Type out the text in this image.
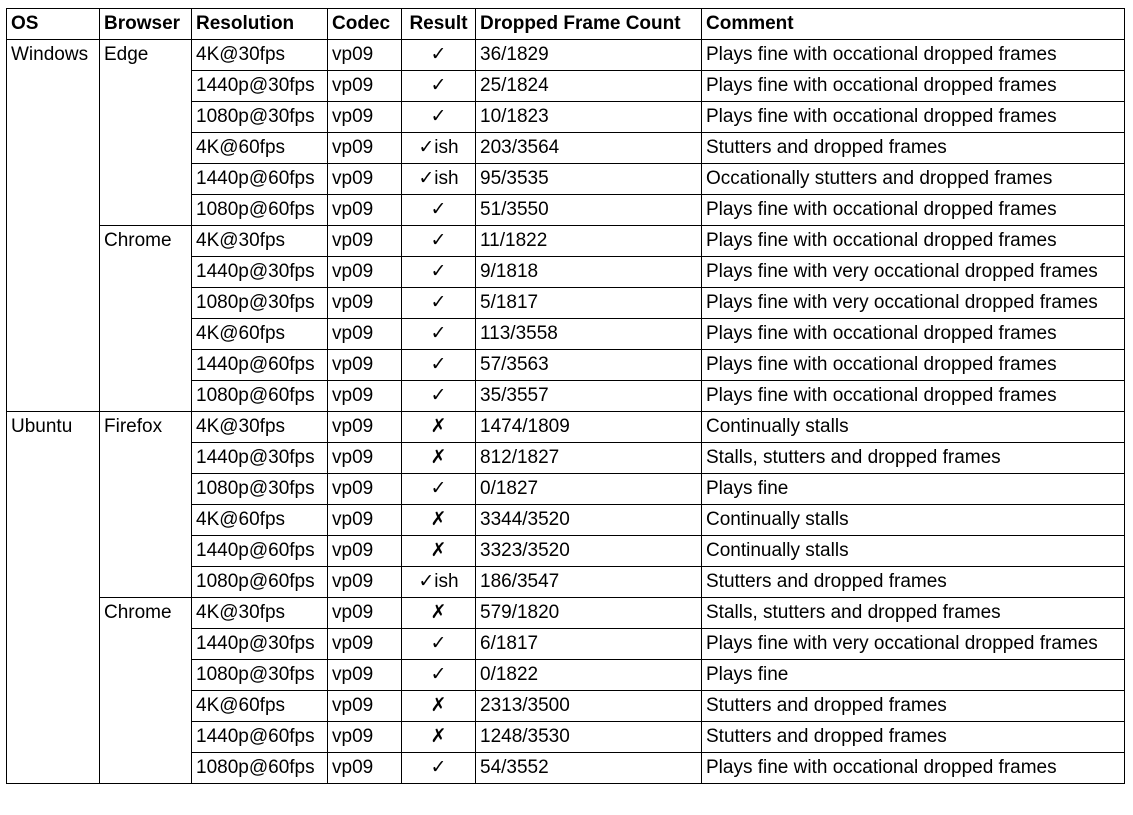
OS	Browser	Resolution	Codec	Result	Dropped Frame Count	Comment
Windows	Edge	4K@30fps	vp09	✓	36/1829	Plays fine with occational dropped frames
		1440p@30fps	vp09	✓	25/1824	Plays fine with occational dropped frames
		1080p@30fps	vp09	✓	10/1823	Plays fine with occational dropped frames
		4K@60fps	vp09	✓ish	203/3564	Stutters and dropped frames
		1440p@60fps	vp09	✓ish	95/3535	Occationally stutters and dropped frames
		1080p@60fps	vp09	✓	51/3550	Plays fine with occational dropped frames
	Chrome	4K@30fps	vp09	✓	11/1822	Plays fine with occational dropped frames
		1440p@30fps	vp09	✓	9/1818	Plays fine with very occational dropped frames
		1080p@30fps	vp09	✓	5/1817	Plays fine with very occational dropped frames
		4K@60fps	vp09	✓	113/3558	Plays fine with occational dropped frames
		1440p@60fps	vp09	✓	57/3563	Plays fine with occational dropped frames
		1080p@60fps	vp09	✓	35/3557	Plays fine with occational dropped frames
Ubuntu	Firefox	4K@30fps	vp09	✗	1474/1809	Continually stalls
		1440p@30fps	vp09	✗	812/1827	Stalls, stutters and dropped frames
		1080p@30fps	vp09	✓	0/1827	Plays fine
		4K@60fps	vp09	✗	3344/3520	Continually stalls
		1440p@60fps	vp09	✗	3323/3520	Continually stalls
		1080p@60fps	vp09	✓ish	186/3547	Stutters and dropped frames
	Chrome	4K@30fps	vp09	✗	579/1820	Stalls, stutters and dropped frames
		1440p@30fps	vp09	✓	6/1817	Plays fine with very occational dropped frames
		1080p@30fps	vp09	✓	0/1822	Plays fine
		4K@60fps	vp09	✗	2313/3500	Stutters and dropped frames
		1440p@60fps	vp09	✗	1248/3530	Stutters and dropped frames
		1080p@60fps	vp09	✓	54/3552	Plays fine with occational dropped frames
